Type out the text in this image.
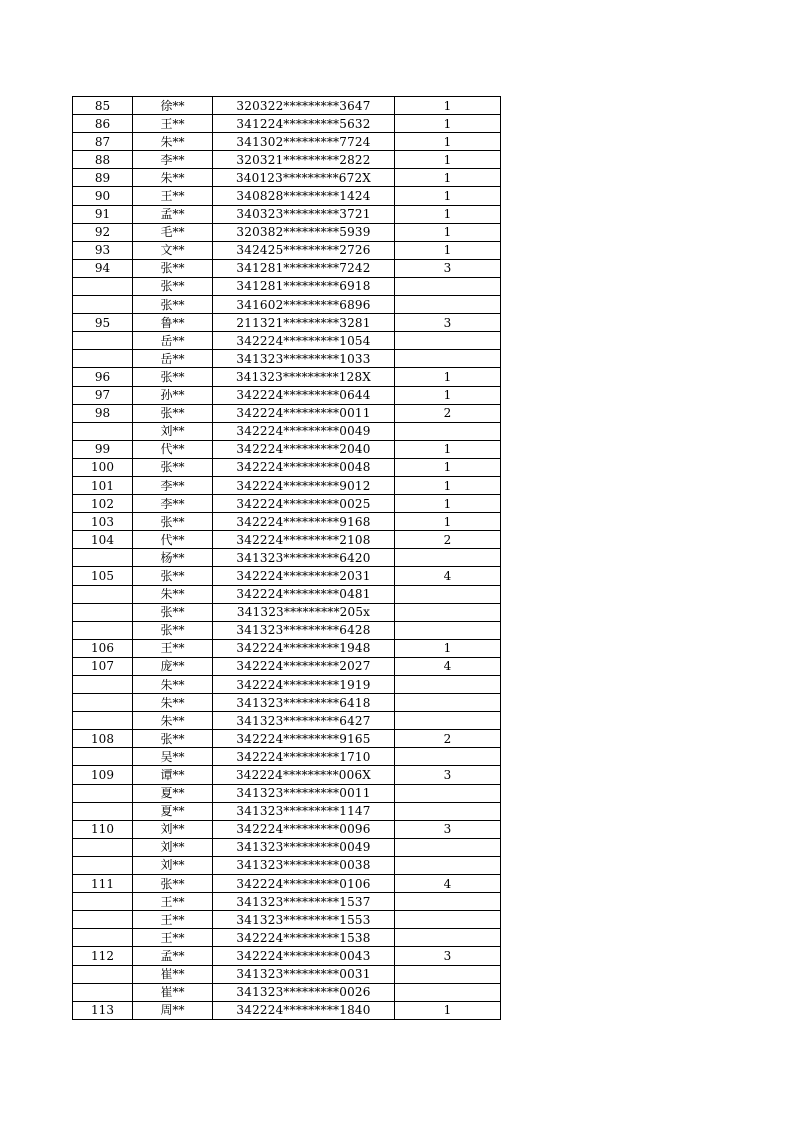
85	徐**	320322*********3647	1
86	王**	341224*********5632	1
87	朱**	341302*********7724	1
88	李**	320321*********2822	1
89	朱**	340123*********672X	1
90	王**	340828*********1424	1
91	孟**	340323*********3721	1
92	毛**	320382*********5939	1
93	文**	342425*********2726	1
94	张**	341281*********7242	3
	张**	341281*********6918	
	张**	341602*********6896	
95	鲁**	211321*********3281	3
	岳**	342224*********1054	
	岳**	341323*********1033	
96	张**	341323*********128X	1
97	孙**	342224*********0644	1
98	张**	342224*********0011	2
	刘**	342224*********0049	
99	代**	342224*********2040	1
100	张**	342224*********0048	1
101	李**	342224*********9012	1
102	李**	342224*********0025	1
103	张**	342224*********9168	1
104	代**	342224*********2108	2
	杨**	341323*********6420	
105	张**	342224*********2031	4
	朱**	342224*********0481	
	张**	341323*********205x	
	张**	341323*********6428	
106	王**	342224*********1948	1
107	庞**	342224*********2027	4
	朱**	342224*********1919	
	朱**	341323*********6418	
	朱**	341323*********6427	
108	张**	342224*********9165	2
	吴**	342224*********1710	
109	谭**	342224*********006X	3
	夏**	341323*********0011	
	夏**	341323*********1147	
110	刘**	342224*********0096	3
	刘**	341323*********0049	
	刘**	341323*********0038	
111	张**	342224*********0106	4
	王**	341323*********1537	
	王**	341323*********1553	
	王**	342224*********1538	
112	孟**	342224*********0043	3
	崔**	341323*********0031	
	崔**	341323*********0026	
113	周**	342224*********1840	1
